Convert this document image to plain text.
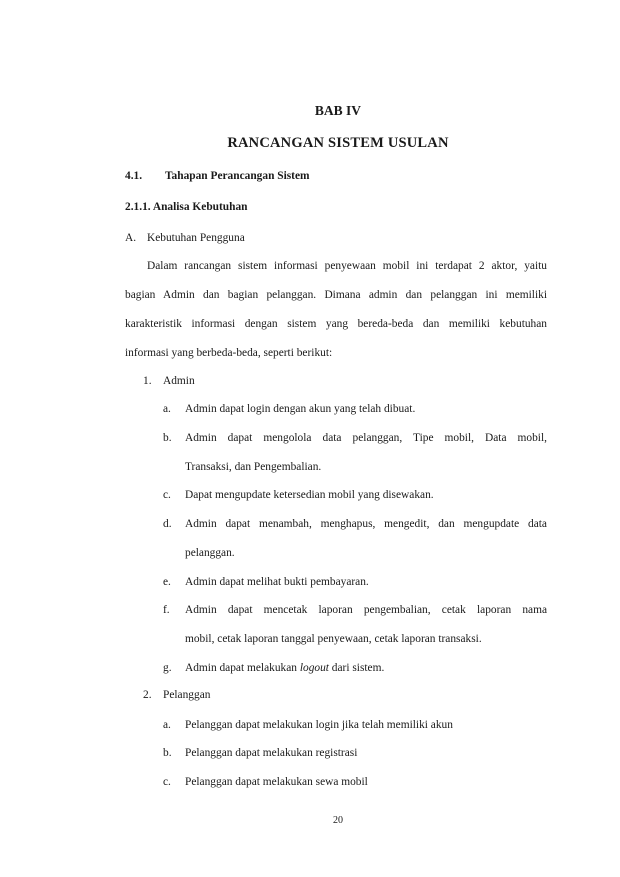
BAB IV
RANCANGAN SISTEM USULAN
4.1. Tahapan Perancangan Sistem
2.1.1. Analisa Kebutuhan
A. Kebutuhan Pengguna
Dalam rancangan sistem informasi penyewaan mobil ini terdapat 2 aktor, yaitu
bagian Admin dan bagian pelanggan. Dimana admin dan pelanggan ini memiliki
karakteristik informasi dengan sistem yang bereda-beda dan memiliki kebutuhan
informasi yang berbeda-beda, seperti berikut:
1. Admin
a. Admin dapat login dengan akun yang telah dibuat.
b. Admin dapat mengolola data pelanggan, Tipe mobil, Data mobil,
Transaksi, dan Pengembalian.
c. Dapat mengupdate ketersedian mobil yang disewakan.
d. Admin dapat menambah, menghapus, mengedit, dan mengupdate data
pelanggan.
e. Admin dapat melihat bukti pembayaran.
f. Admin dapat mencetak laporan pengembalian, cetak laporan nama
mobil, cetak laporan tanggal penyewaan, cetak laporan transaksi.
g. Admin dapat melakukan logout dari sistem.
2. Pelanggan
a. Pelanggan dapat melakukan login jika telah memiliki akun
b. Pelanggan dapat melakukan registrasi
c. Pelanggan dapat melakukan sewa mobil
20
